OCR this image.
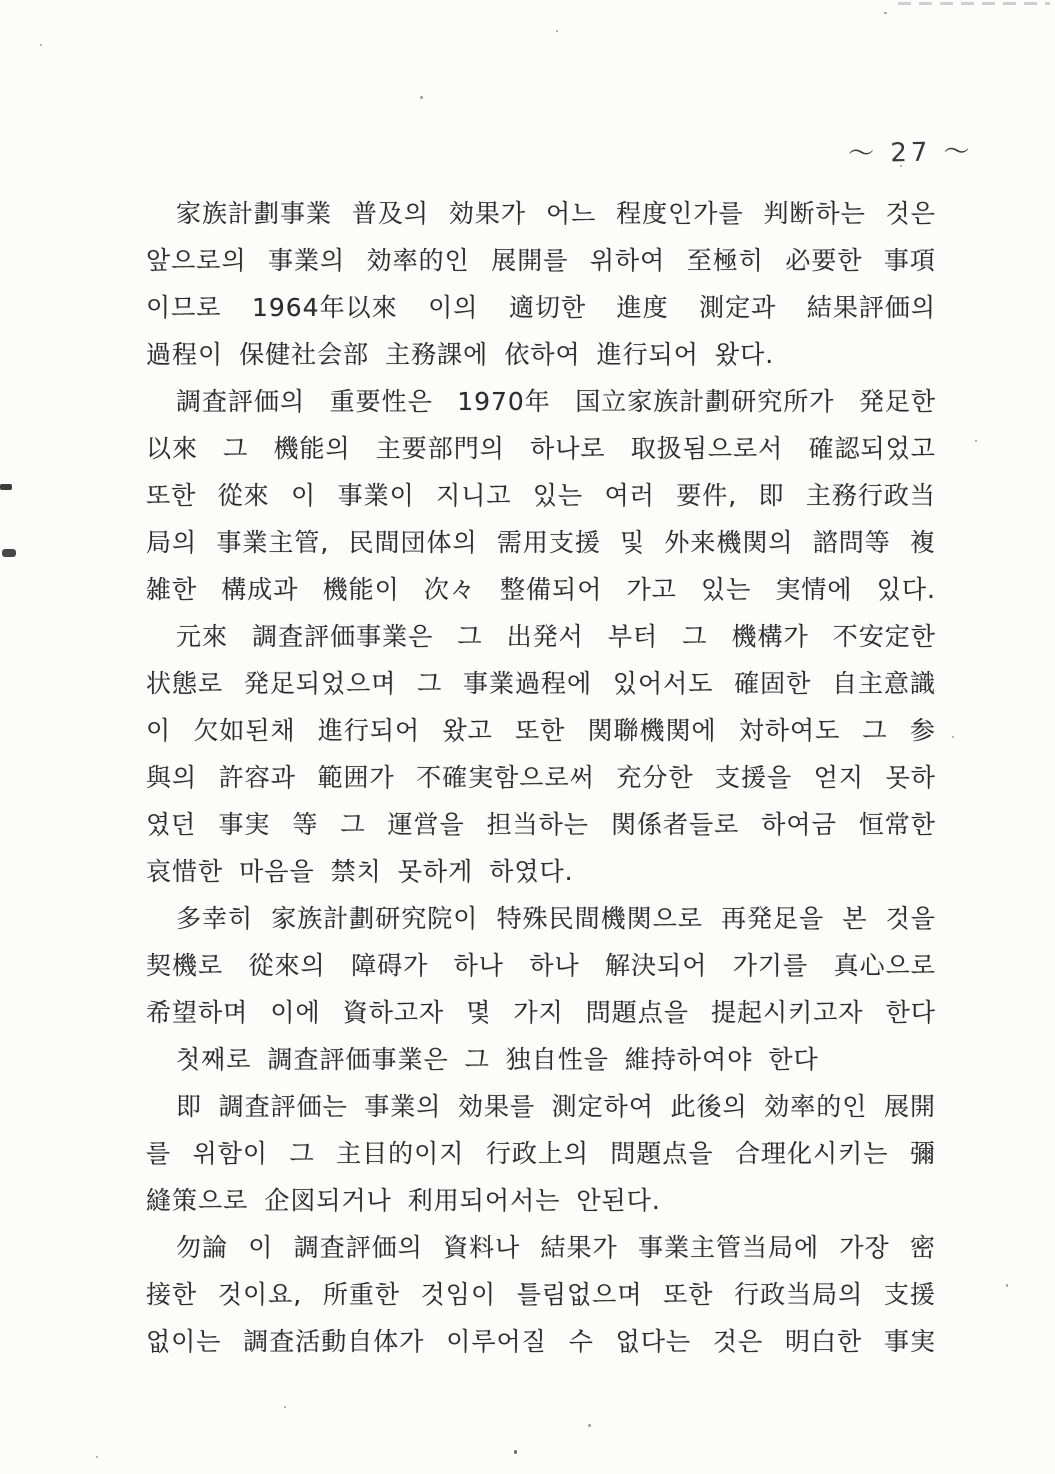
～ 27 ～
家族計劃事業 普及의 効果가 어느 程度인가를 判断하는 것은
앞으로의 事業의 効率的인 展開를 위하여 至極히 必要한 事項
이므로 1964年以來 이의 適切한 進度 測定과 結果評価의
過程이 保健社会部 主務課에 依하여 進行되어 왔다.
調査評価의 重要性은 1970年 国立家族計劃研究所가 発足한
以來 그 機能의 主要部門의 하나로 取扱됨으로서 確認되었고
또한 從來 이 事業이 지니고 있는 여러 要件, 即 主務行政当
局의 事業主管, 民間団体의 需用支援 및 外来機関의 諮問等 複
雑한 構成과 機能이 次々 整備되어 가고 있는 実情에 있다.
元來 調査評価事業은 그 出発서 부터 그 機構가 不安定한
状態로 発足되었으며 그 事業過程에 있어서도 確固한 自主意識
이 欠如된채 進行되어 왔고 또한 関聯機関에 対하여도 그 参
與의 許容과 範囲가 不確実함으로써 充分한 支援을 얻지 못하
였던 事実 等 그 運営을 担当하는 関係者들로 하여금 恒常한
哀惜한 마음을 禁치 못하게 하였다.
多幸히 家族計劃研究院이 特殊民間機関으로 再発足을 본 것을
契機로 從來의 障碍가 하나 하나 解決되어 가기를 真心으로
希望하며 이에 資하고자 몇 가지 問題点을 提起시키고자 한다
첫째로 調査評価事業은 그 独自性을 維持하여야 한다
即 調査評価는 事業의 効果를 測定하여 此後의 効率的인 展開
를 위함이 그 主目的이지 行政上의 問題点을 合理化시키는 彌
縫策으로 企図되거나 利用되어서는 안된다.
勿論 이 調査評価의 資料나 結果가 事業主管当局에 가장 密
接한 것이요, 所重한 것임이 틀림없으며 또한 行政当局의 支援
없이는 調査活動自体가 이루어질 수 없다는 것은 明白한 事実
